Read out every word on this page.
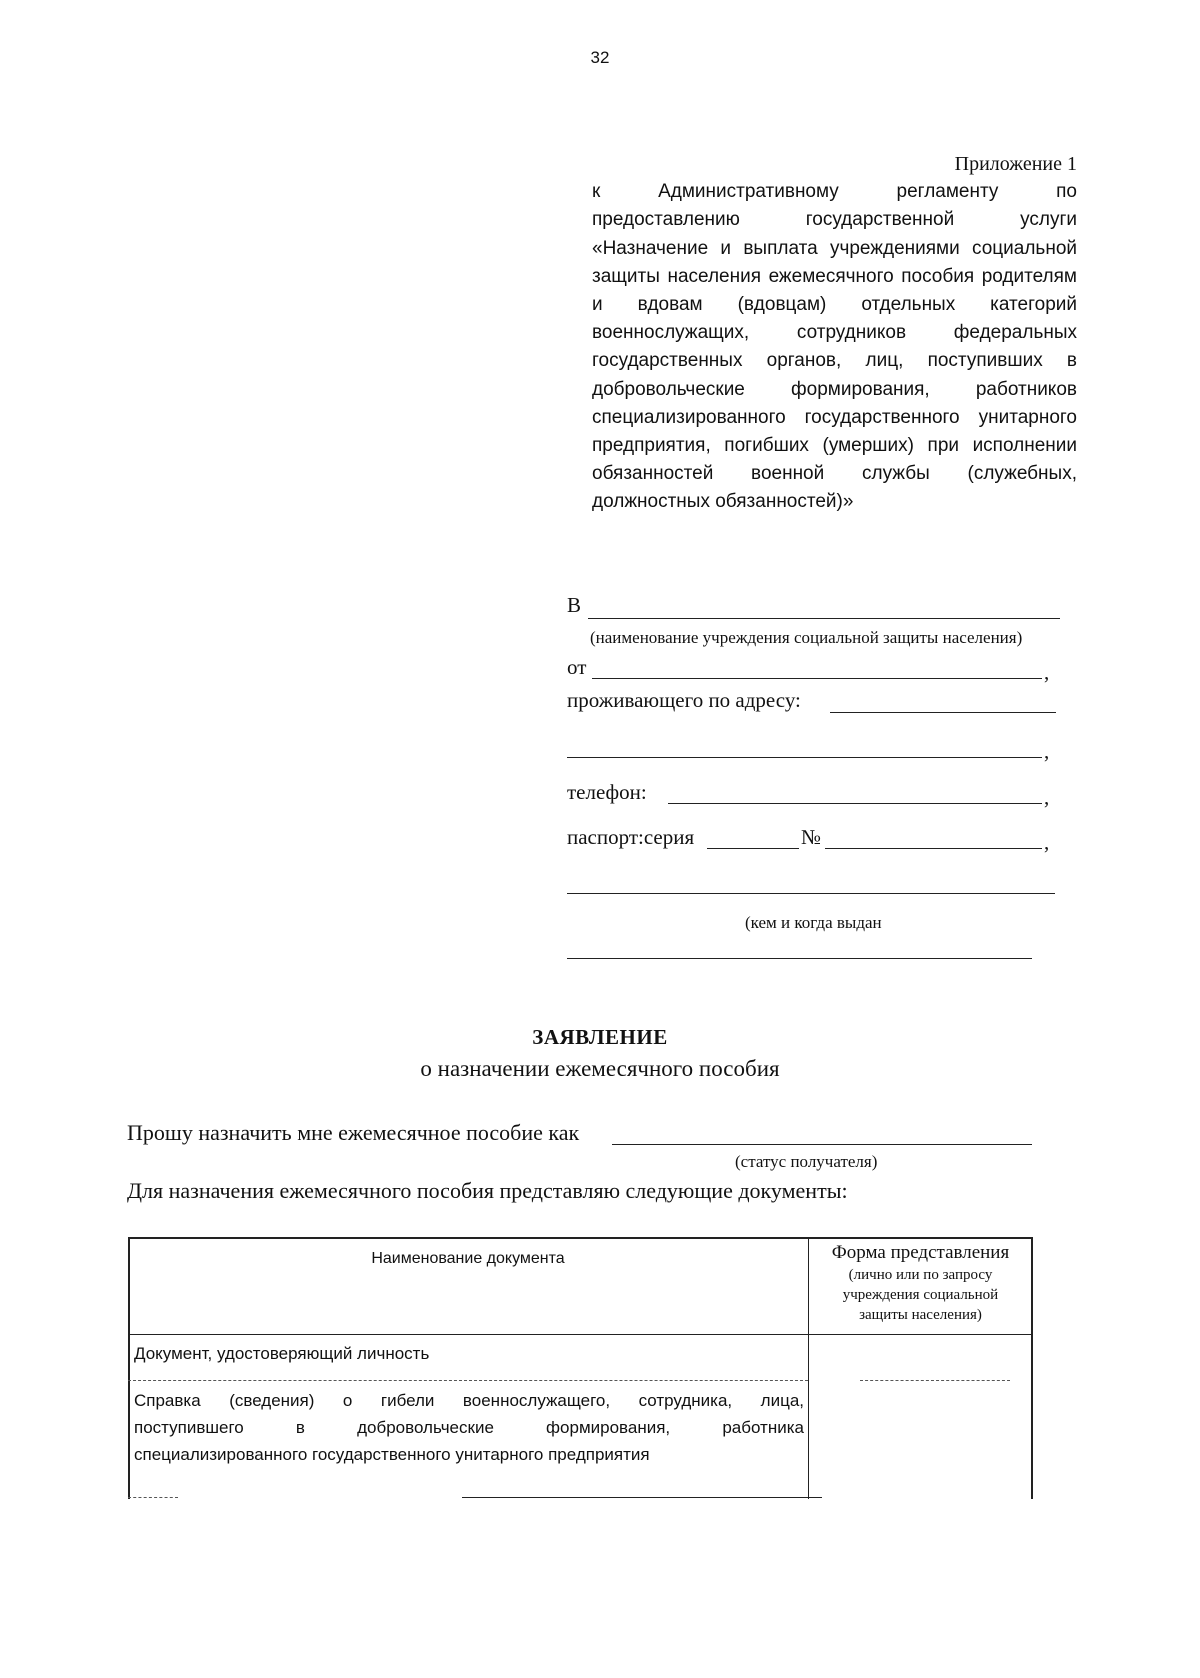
32
Приложение 1
к Административному регламенту по
предоставлению государственной услуги
«Назначение и выплата учреждениями социальной
защиты населения ежемесячного пособия родителям
и вдовам (вдовцам) отдельных категорий
военнослужащих, сотрудников федеральных
государственных органов, лиц, поступивших в
добровольческие формирования, работников
специализированного государственного унитарного
предприятия, погибших (умерших) при исполнении
обязанностей военной службы (служебных,
должностных обязанностей)»
В
(наименование учреждения социальной защиты населения)
от	,
проживающего по адресу:
,
телефон:	,
паспорт:серия	№	,
(кем и когда выдан
ЗАЯВЛЕНИЕ
о назначении ежемесячного пособия
Прошу назначить мне ежемесячное пособие как
(статус получателя)
Для назначения ежемесячного пособия представляю следующие документы:
Наименование документа	Форма представления
(лично или по запросу
учреждения социальной
защиты населения)
Документ, удостоверяющий личность
Справка (сведения) о гибели военнослужащего, сотрудника, лица,
поступившего в добровольческие формирования, работника
специализированного государственного унитарного предприятия
